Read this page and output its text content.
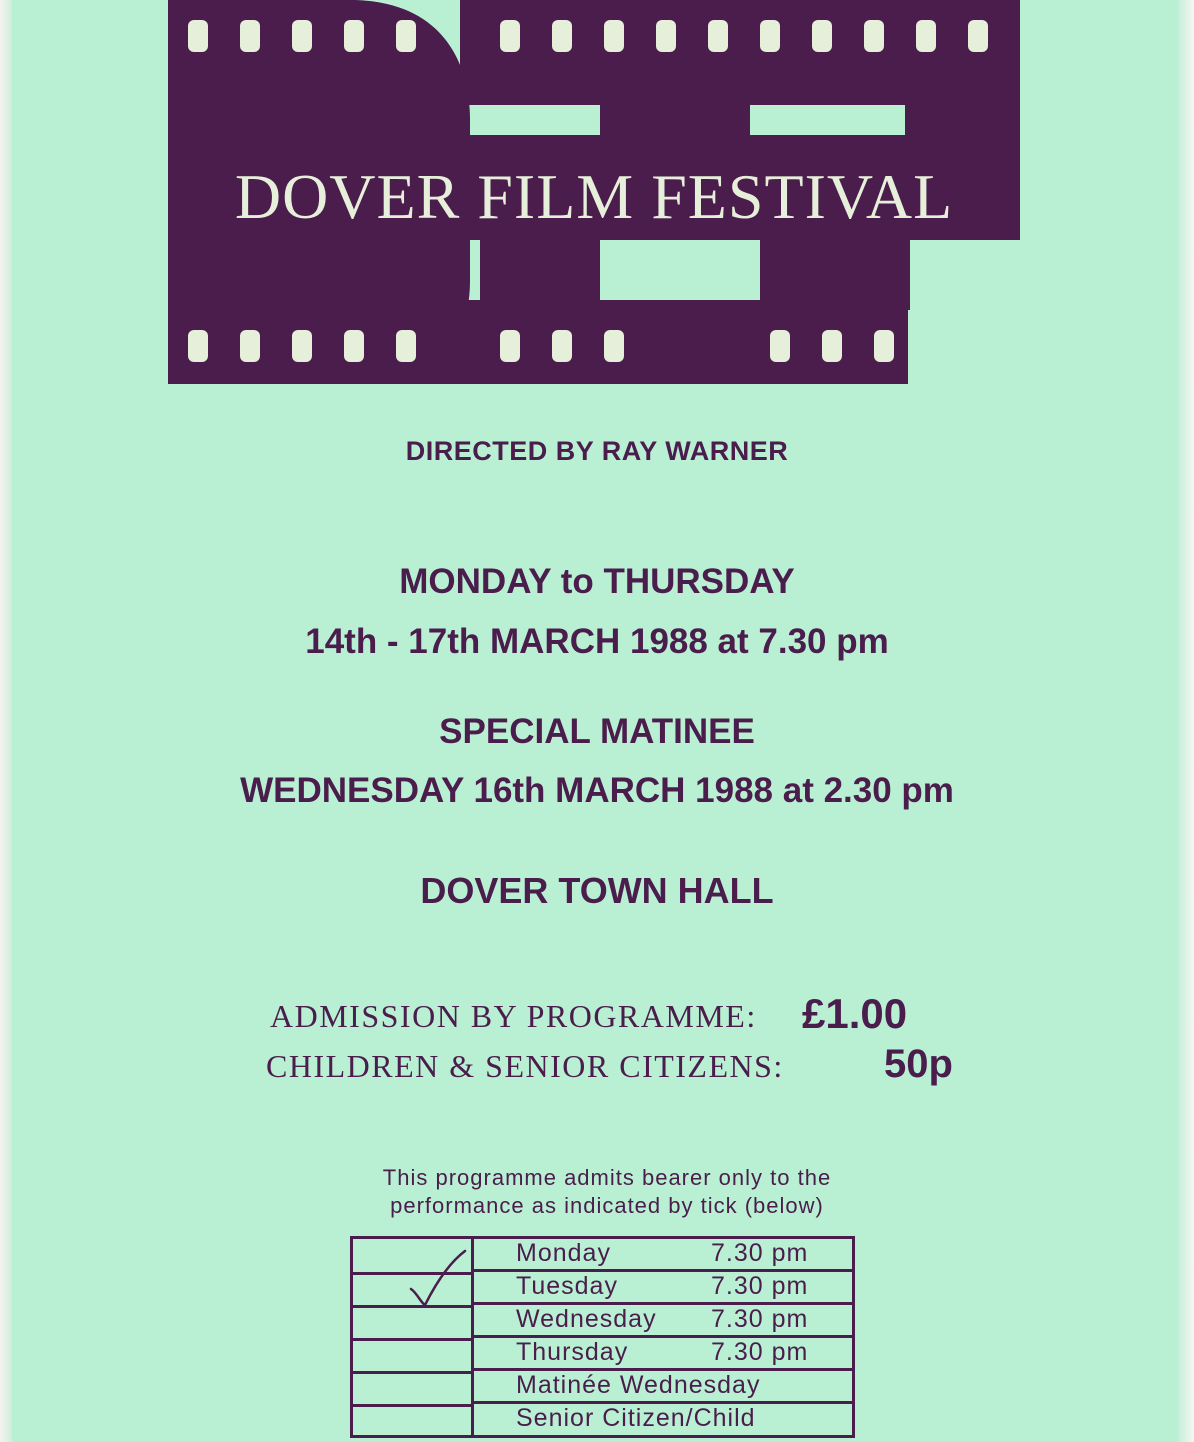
DOVER FILM FESTIVAL
DIRECTED BY RAY WARNER
MONDAY to THURSDAY
14th - 17th MARCH 1988 at 7.30 pm
SPECIAL MATINEE
WEDNESDAY 16th MARCH 1988 at 2.30 pm
DOVER TOWN HALL
ADMISSION BY PROGRAMME: £1.00
CHILDREN & SENIOR CITIZENS:	50p
This programme admits bearer only to the
performance as indicated by tick (below)
Monday	7.30 pm
Tuesday	7.30 pm
Wednesday 7.30 pm
Thursday	7.30 pm
Matinée Wednesday
Senior Citizen/Child
